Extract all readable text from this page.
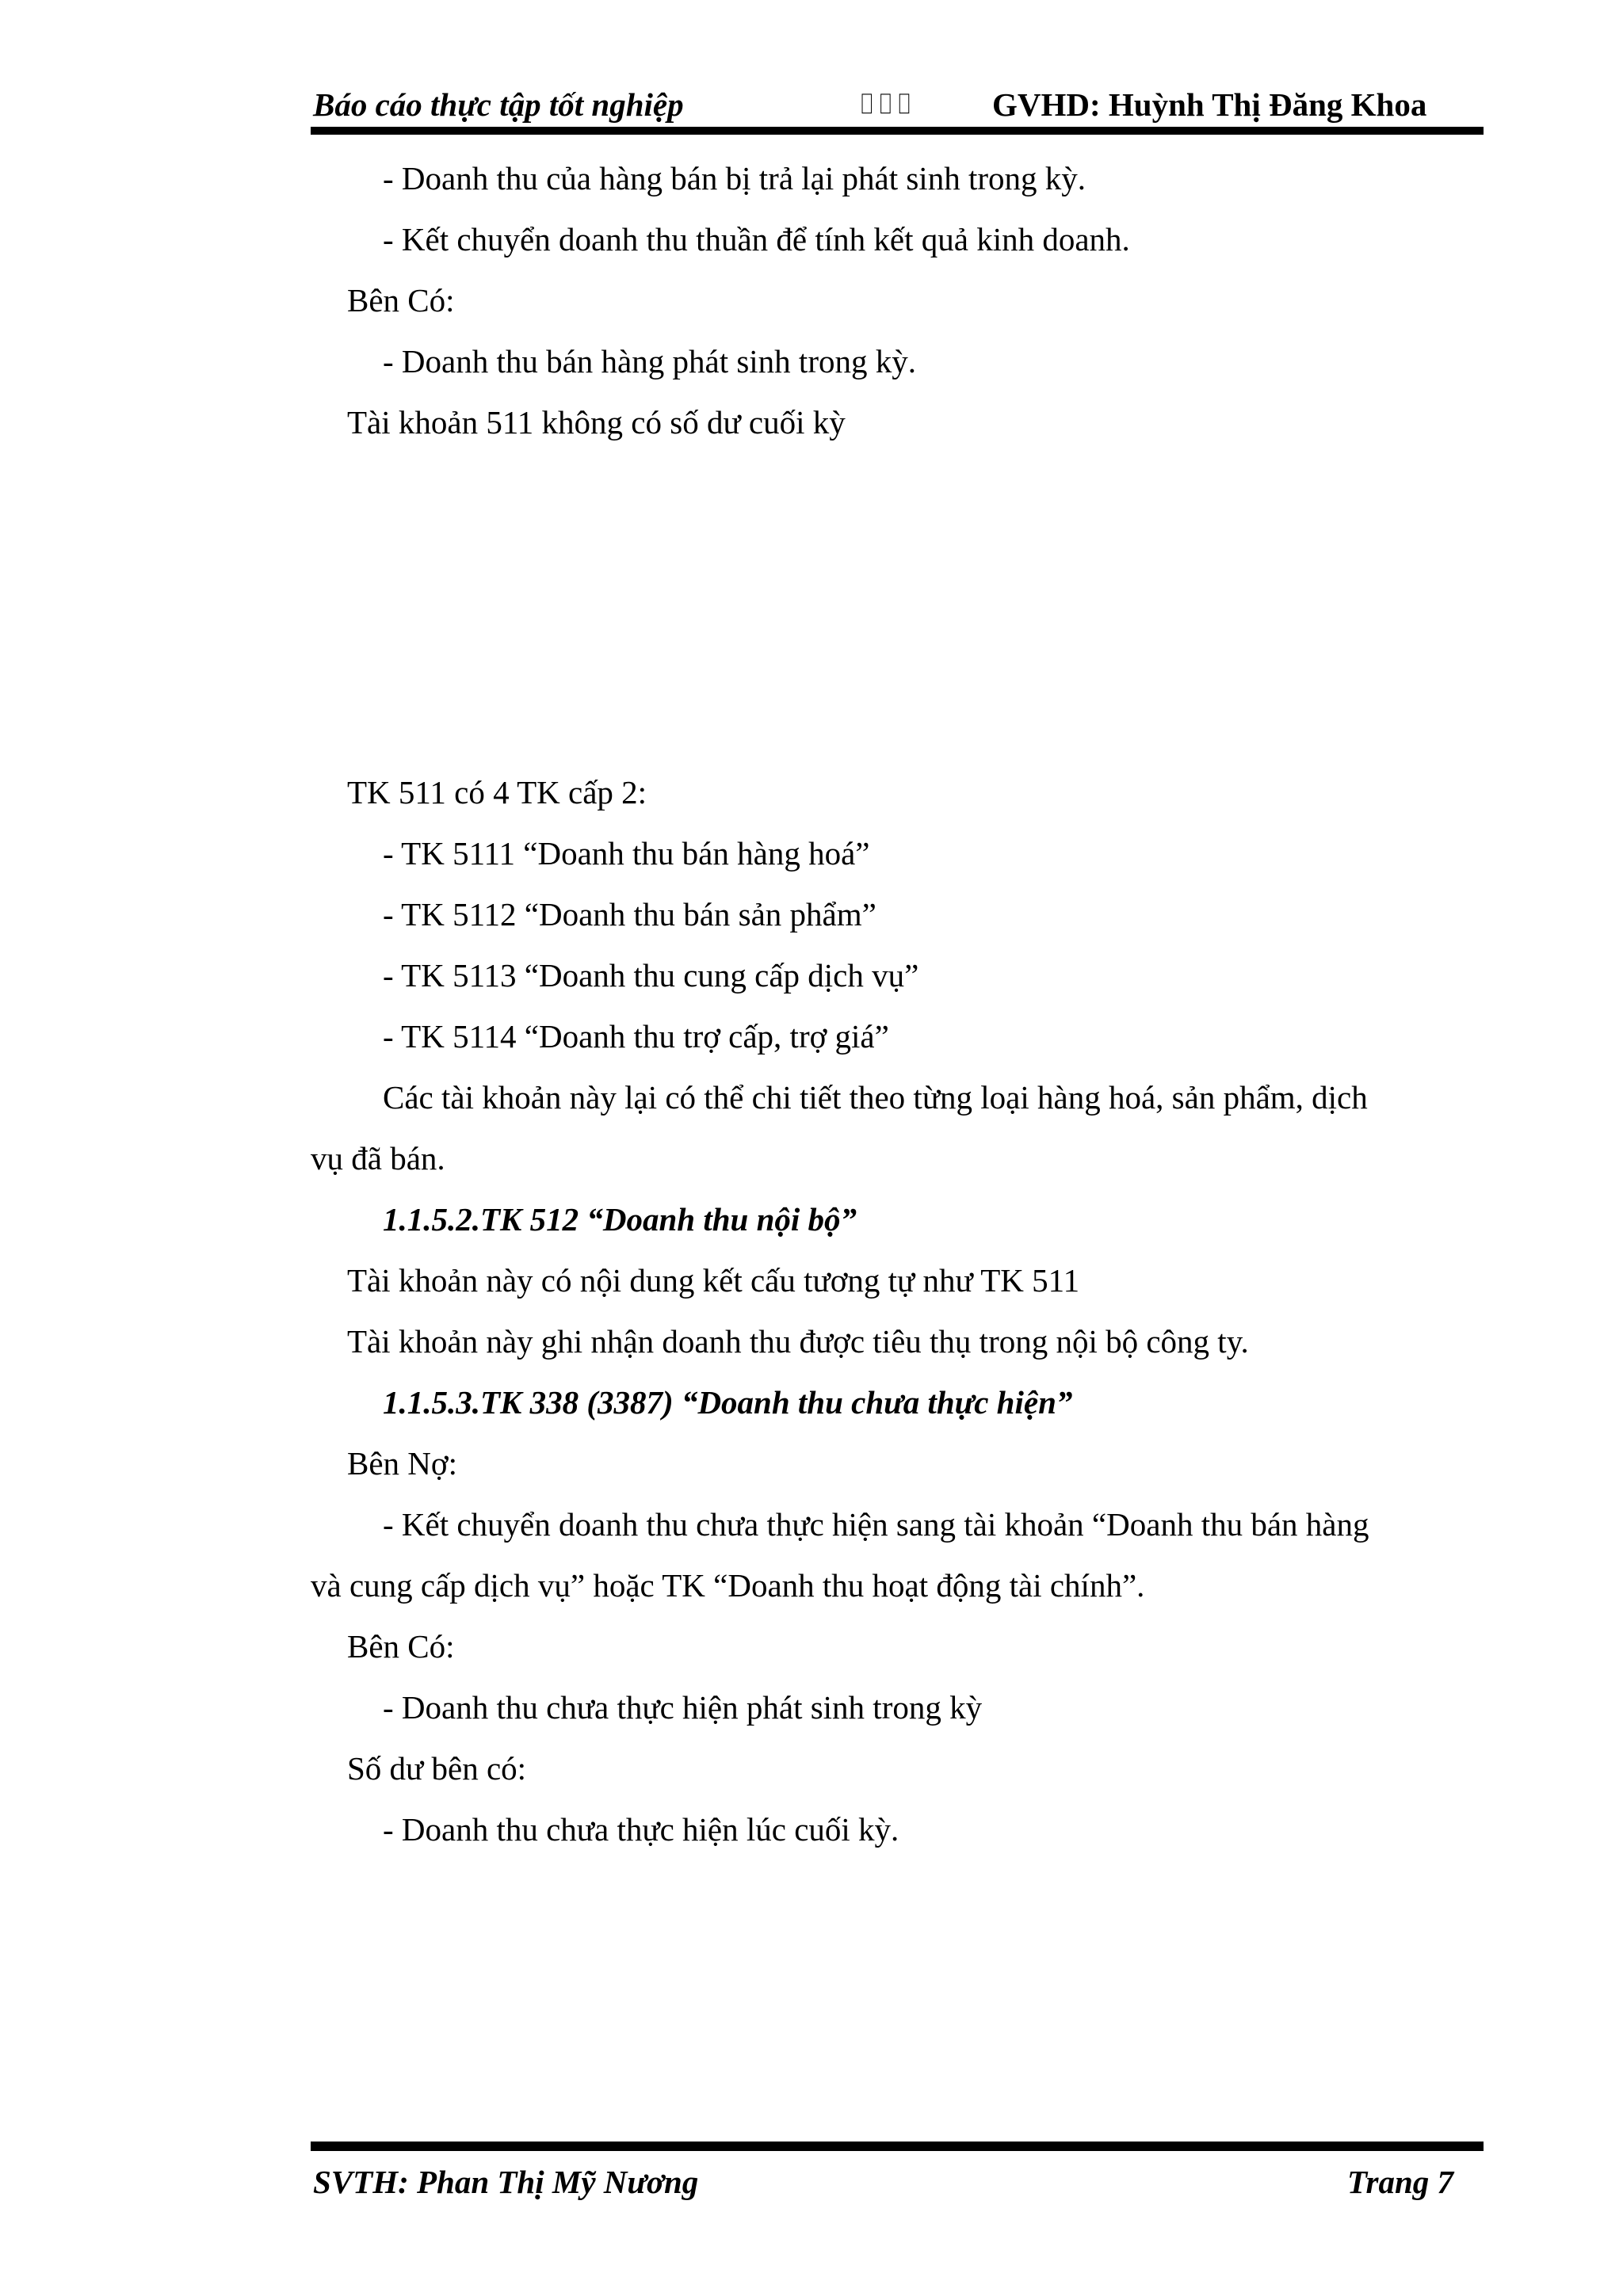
Báo cáo thực tập tốt nghiệp	⌷⌷⌷ GVHD: Huỳnh Thị Đăng Khoa
- Doanh thu của hàng bán bị trả lại phát sinh trong kỳ.
- Kết chuyển doanh thu thuần để tính kết quả kinh doanh.
Bên Có:
- Doanh thu bán hàng phát sinh trong kỳ.
Tài khoản 511 không có số dư cuối kỳ
TK 511 có 4 TK cấp 2:
- TK 5111 “Doanh thu bán hàng hoá”
- TK 5112 “Doanh thu bán sản phẩm”
- TK 5113 “Doanh thu cung cấp dịch vụ”
- TK 5114 “Doanh thu trợ cấp, trợ giá”
Các tài khoản này lại có thể chi tiết theo từng loại hàng hoá, sản phẩm, dịch
vụ đã bán.
1.1.5.2.TK 512 “Doanh thu nội bộ”
Tài khoản này có nội dung kết cấu tương tự như TK 511
Tài khoản này ghi nhận doanh thu được tiêu thụ trong nội bộ công ty.
1.1.5.3.TK 338 (3387) “Doanh thu chưa thực hiện”
Bên Nợ:
- Kết chuyển doanh thu chưa thực hiện sang tài khoản “Doanh thu bán hàng
và cung cấp dịch vụ” hoặc TK “Doanh thu hoạt động tài chính”.
Bên Có:
- Doanh thu chưa thực hiện phát sinh trong kỳ
Số dư bên có:
- Doanh thu chưa thực hiện lúc cuối kỳ.
SVTH: Phan Thị Mỹ Nương	Trang 7
